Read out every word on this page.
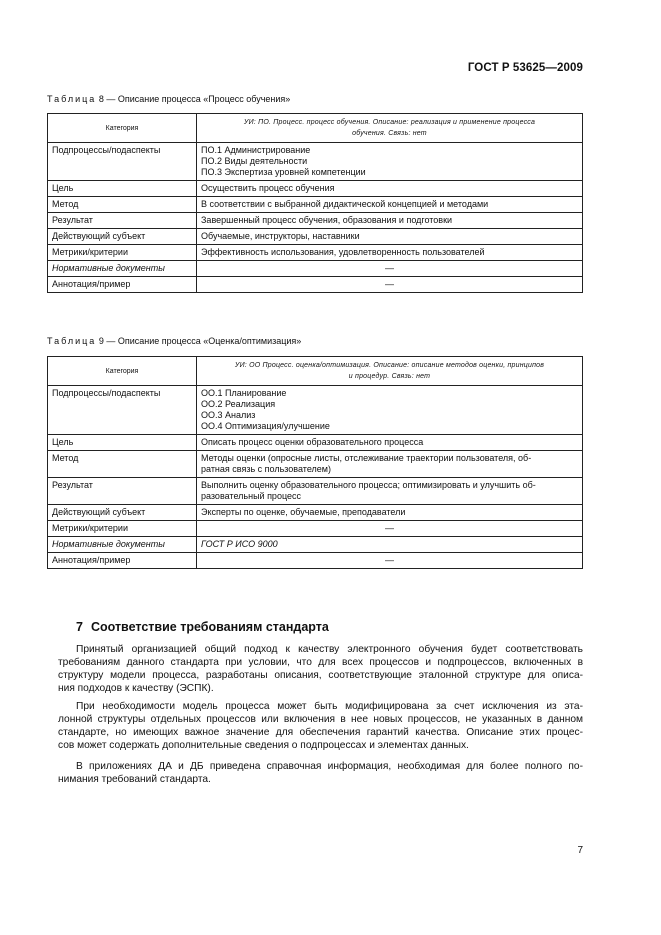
ГОСТ Р 53625—2009
Таблица 8 — Описание процесса «Процесс обучения»
Категория	УИ: ПО. Процесс. процесс обучения. Описание: реализация и применение процесса
обучения. Связь: нет

Подпроцессы/подаспекты	ПО.1 Администрирование
ПО.2 Виды деятельности
ПО.3 Экспертиза уровней компетенции

Цель	Осуществить процесс обучения

Метод	В соответствии с выбранной дидактической концепцией и методами

Результат	Завершенный процесс обучения, образования и подготовки

Действующий субъект	Обучаемые, инструкторы, наставники

Метрики/критерии	Эффективность использования, удовлетворенность пользователей

Нормативные документы	—

Аннотация/пример	—
Таблица 9 — Описание процесса «Оценка/оптимизация»
Категория	УИ: ОО Процесс. оценка/оптимизация. Описание: описание методов оценки, принципов
и процедур. Связь: нет

Подпроцессы/подаспекты	ОО.1 Планирование
ОО.2 Реализация
ОО.3 Анализ
ОО.4 Оптимизация/улучшение

Цель	Описать процесс оценки образовательного процесса

Метод	Методы оценки (опросные листы, отслеживание траектории пользователя, об-
ратная связь с пользователем)

Результат	Выполнить оценку образовательного процесса; оптимизировать и улучшить об-
разовательный процесс

Действующий субъект	Эксперты по оценке, обучаемые, преподаватели

Метрики/критерии	—

Нормативные документы	ГОСТ Р ИСО 9000

Аннотация/пример	—
7 Соответствие требованиям стандарта
Принятый организацией общий подход к качеству электронного обучения будет соответствовать
требованиям данного стандарта при условии, что для всех процессов и подпроцессов, включенных в
структуру модели процесса, разработаны описания, соответствующие эталонной структуре для описа-
ния подходов к качеству (ЭСПК).
При необходимости модель процесса может быть модифицирована за счет исключения из эта-
лонной структуры отдельных процессов или включения в нее новых процессов, не указанных в данном
стандарте, но имеющих важное значение для обеспечения гарантий качества. Описание этих процес-
сов может содержать дополнительные сведения о подпроцессах и элементах данных.
В приложениях ДА и ДБ приведена справочная информация, необходимая для более полного по-
нимания требований стандарта.
7
